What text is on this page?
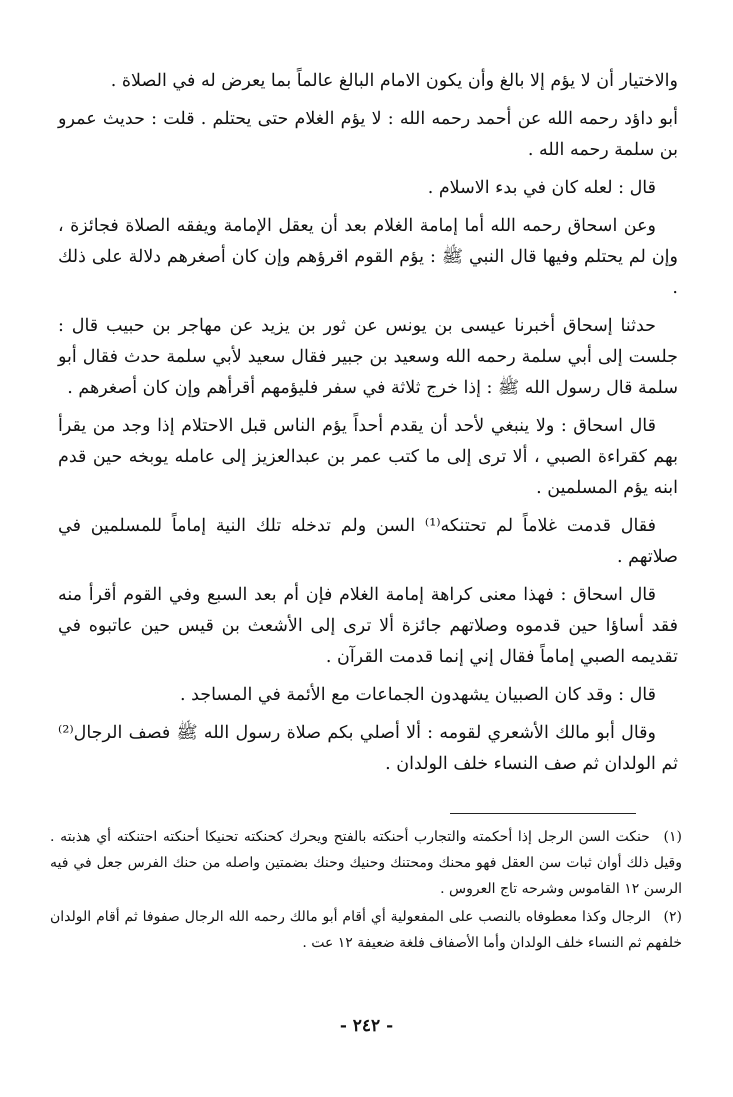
والاختيار أن لا يؤم إلا بالغ وأن يكون الامام البالغ عالماً بما يعرض له في الصلاة .

أبو داؤد رحمه الله عن أحمد رحمه الله : لا يؤم الغلام حتى يحتلم . قلت : حديث عمرو بن سلمة رحمه الله .

قال : لعله كان في بدء الاسلام .

وعن اسحاق رحمه الله أما إمامة الغلام بعد أن يعقل الإمامة ويفقه الصلاة فجائزة ، وإن لم يحتلم وفيها قال النبي ﷺ : يؤم القوم اقرؤهم وإن كان أصغرهم دلالة على ذلك .

حدثنا إسحاق أخبرنا عيسى بن يونس عن ثور بن يزيد عن مهاجر بن حبيب قال : جلست إلى أبي سلمة رحمه الله وسعيد بن جبير فقال سعيد لأبي سلمة حدث فقال أبو سلمة قال رسول الله ﷺ : إذا خرج ثلاثة في سفر فليؤمهم أقرأهم وإن كان أصغرهم .

قال اسحاق : ولا ينبغي لأحد أن يقدم أحداً يؤم الناس قبل الاحتلام إذا وجد من يقرأ بهم كقراءة الصبي ، ألا ترى إلى ما كتب عمر بن عبدالعزيز إلى عامله يوبخه حين قدم ابنه يؤم المسلمين .

فقال قدمت غلاماً لم تحتنكه⁽¹⁾ السن ولم تدخله تلك النية إماماً للمسلمين في صلاتهم .

قال اسحاق : فهذا معنى كراهة إمامة الغلام فإن أم بعد السبع وفي القوم أقرأ منه فقد أساؤا حين قدموه وصلاتهم جائزة ألا ترى إلى الأشعث بن قيس حين عاتبوه في تقديمه الصبي إماماً فقال إني إنما قدمت القرآن .

قال : وقد كان الصبيان يشهدون الجماعات مع الأئمة في المساجد .

وقال أبو مالك الأشعري لقومه : ألا أصلي بكم صلاة رسول الله ﷺ فصف الرجال⁽²⁾ثم الولدان ثم صف النساء خلف الولدان .

(١) حنكت السن الرجل إذا أحكمته والتجارب أحنكته بالفتح ويحرك كحنكته تحنيكا أحنكته احتنكته أي هذبته . وقيل ذلك أوان ثبات سن العقل فهو محنك ومحتنك وحنيك وحنك بضمتين واصله من حنك الفرس جعل في فيه الرسن ١٢ القاموس وشرحه تاج العروس .

(٢) الرجال وكذا معطوفاه بالنصب على المفعولية أي أقام أبو مالك رحمه الله الرجال صفوفا ثم أقام الولدان خلفهم ثم النساء خلف الولدان وأما الأصفاف فلغة ضعيفة ١٢ عت .

- ٢٤٢ -
